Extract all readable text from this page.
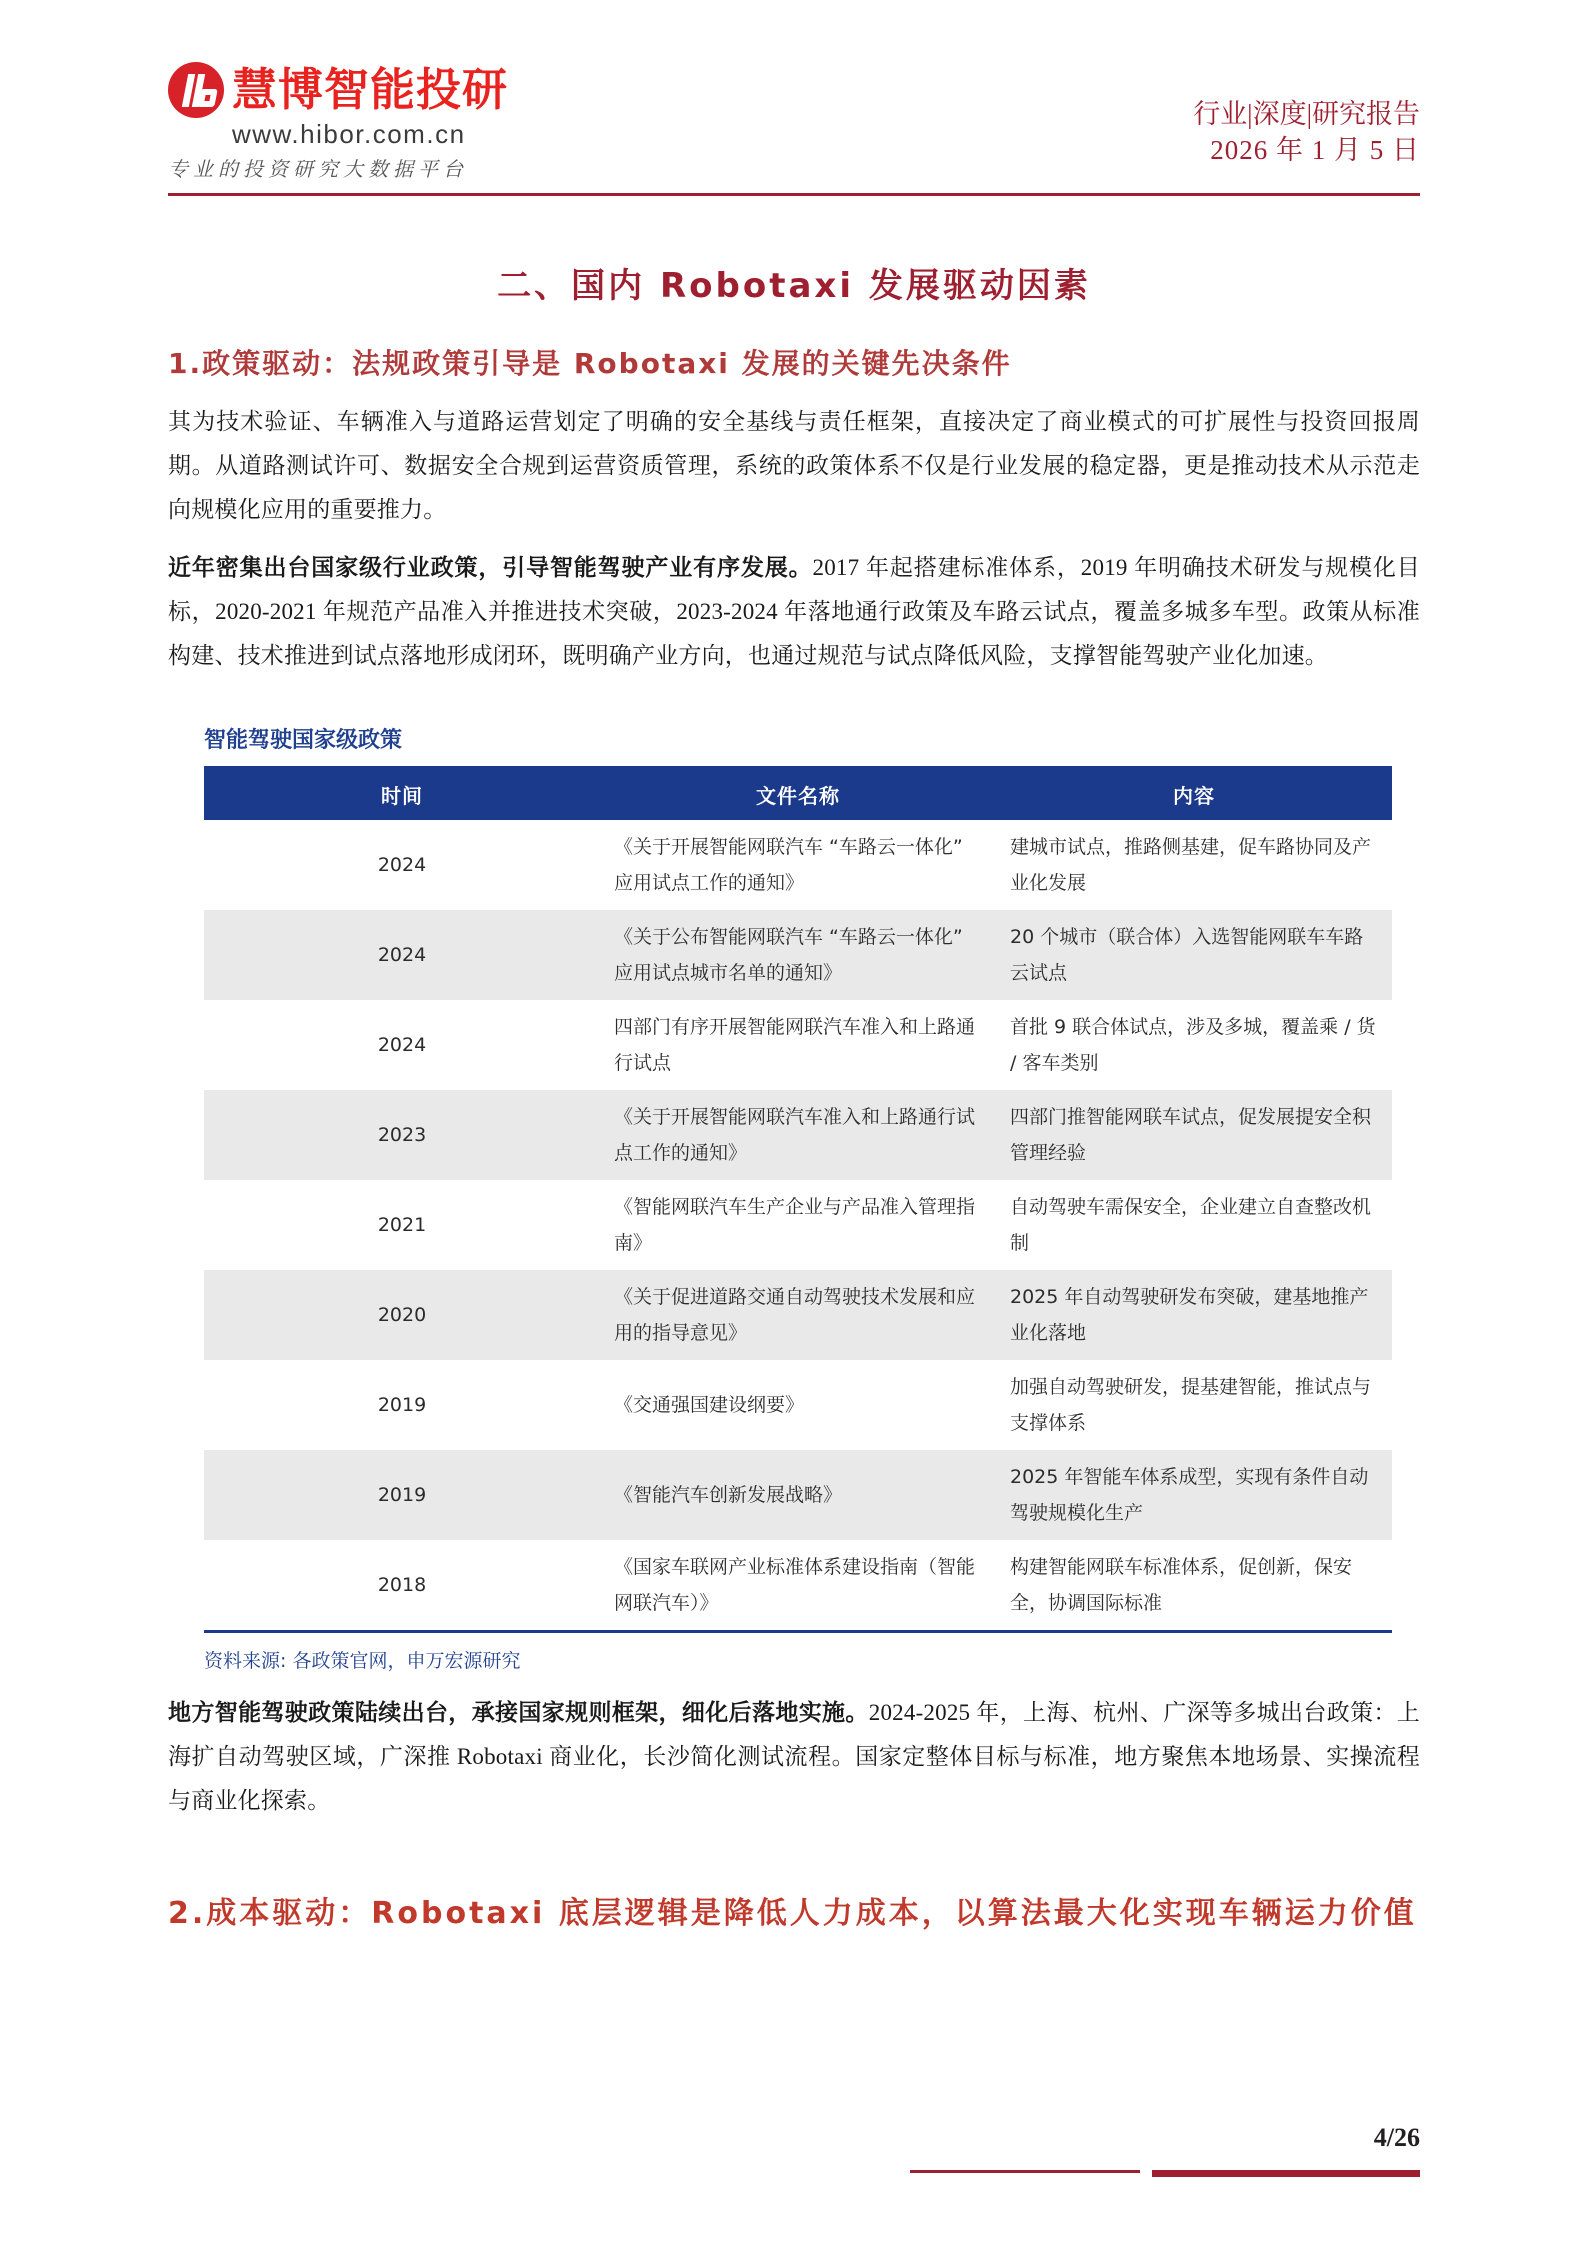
慧博智能投研
www.hibor.com.cn
专业的投资研究大数据平台
行业|深度|研究报告
2026 年 1 月 5 日
二、国内 Robotaxi 发展驱动因素
1.政策驱动：法规政策引导是 Robotaxi 发展的关键先决条件

其为技术验证、车辆准入与道路运营划定了明确的安全基线与责任框架，直接决定了商业模式的可扩展性与投资回报周期。从道路测试许可、数据安全合规到运营资质管理，系统的政策体系不仅是行业发展的稳定器，更是推动技术从示范走向规模化应用的重要推力。

近年密集出台国家级行业政策，引导智能驾驶产业有序发展。2017 年起搭建标准体系，2019 年明确技术研发与规模化目标，2020-2021 年规范产品准入并推进技术突破，2023-2024 年落地通行政策及车路云试点，覆盖多城多车型。政策从标准构建、技术推进到试点落地形成闭环，既明确产业方向，也通过规范与试点降低风险，支撑智能驾驶产业化加速。

智能驾驶国家级政策
时间	文件名称	内容
2024	《关于开展智能网联汽车 “车路云一体化” 应用试点工作的通知》	建城市试点，推路侧基建，促车路协同及产业化发展
2024	《关于公布智能网联汽车 “车路云一体化” 应用试点城市名单的通知》	20 个城市（联合体）入选智能网联车车路云试点
2024	四部门有序开展智能网联汽车准入和上路通行试点	首批 9 联合体试点，涉及多城，覆盖乘 / 货 / 客车类别
2023	《关于开展智能网联汽车准入和上路通行试点工作的通知》	四部门推智能网联车试点，促发展提安全积管理经验
2021	《智能网联汽车生产企业与产品准入管理指南》	自动驾驶车需保安全，企业建立自查整改机制
2020	《关于促进道路交通自动驾驶技术发展和应用的指导意见》	2025 年自动驾驶研发布突破，建基地推产业化落地
2019	《交通强国建设纲要》	加强自动驾驶研发，提基建智能，推试点与支撑体系
2019	《智能汽车创新发展战略》	2025 年智能车体系成型，实现有条件自动驾驶规模化生产
2018	《国家车联网产业标准体系建设指南（智能网联汽车）》	构建智能网联车标准体系，促创新，保安全，协调国际标准
资料来源: 各政策官网，申万宏源研究

地方智能驾驶政策陆续出台，承接国家规则框架，细化后落地实施。2024-2025 年，上海、杭州、广深等多城出台政策：上海扩自动驾驶区域，广深推 Robotaxi 商业化，长沙简化测试流程。国家定整体目标与标准，地方聚焦本地场景、实操流程与商业化探索。

2.成本驱动：Robotaxi 底层逻辑是降低人力成本，以算法最大化实现车辆运力价值
4/26
